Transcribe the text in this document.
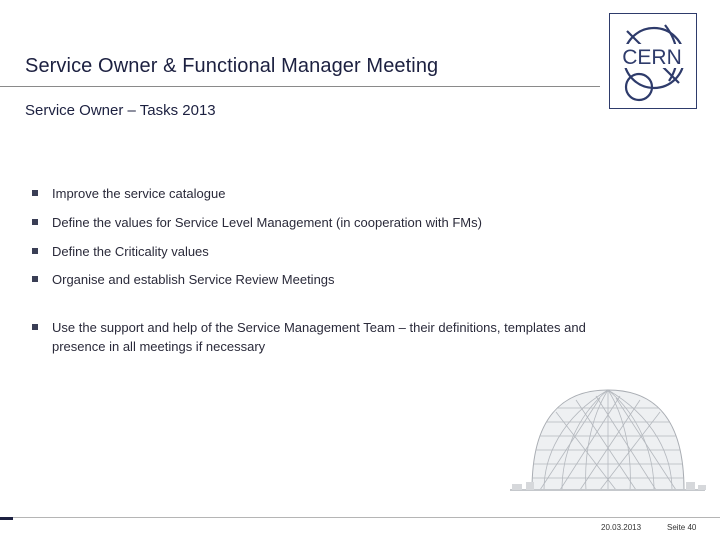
Service Owner & Functional Manager Meeting
Service Owner – Tasks 2013
CERN
Improve the service catalogue
Define the values for Service Level Management (in cooperation with FMs)
Define the Criticality values
Organise and establish Service Review Meetings
Use the support and help of the Service Management Team – their definitions, templates and presence in all meetings if necessary
20.03.2013	Seite 40
